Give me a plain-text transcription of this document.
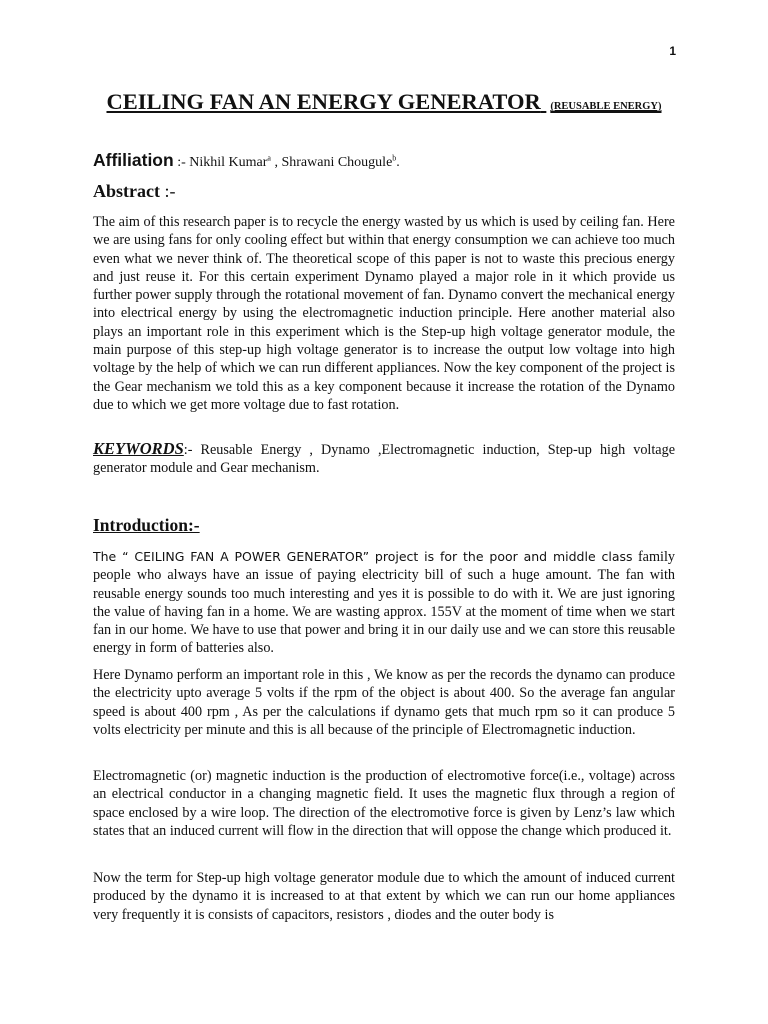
1
CEILING FAN AN ENERGY GENERATOR (REUSABLE ENERGY)
Affiliation :- Nikhil Kumar$^a$ , Shrawani Chougule$^b$.
Abstract :-

The aim of this research paper is to recycle the energy wasted by us which is used by ceiling fan. Here we are using fans for only cooling effect but within that energy consumption we can achieve too much even what we never think of. The theoretical scope of this paper is not to waste this precious energy and just reuse it. For this certain experiment Dynamo played a major role in it which provide us further power supply through the rotational movement of fan. Dynamo convert the mechanical energy into electrical energy by using the electromagnetic induction principle. Here another material also plays an important role in this experiment which is the Step-up high voltage generator module, the main purpose of this step-up high voltage generator is to increase the output low voltage into high voltage by the help of which we can run different appliances. Now the key component of the project is the Gear mechanism we told this as a key component because it increase the rotation of the Dynamo due to which we get more voltage due to fast rotation.

KEYWORDS:- Reusable Energy , Dynamo ,Electromagnetic induction, Step-up high voltage generator module and Gear mechanism.

Introduction:-

The “ CEILING FAN A POWER GENERATOR” project is for the poor and middle class family people who always have an issue of paying electricity bill of such a huge amount. The fan with reusable energy sounds too much interesting and yes it is possible to do with it. We are just ignoring the value of having fan in a home. We are wasting approx. 155V at the moment of time when we start fan in our home. We have to use that power and bring it in our daily use and we can store this reusable energy in form of batteries also.

Here Dynamo perform an important role in this , We know as per the records the dynamo can produce the electricity upto average 5 volts if the rpm of the object is about 400. So the average fan angular speed is about 400 rpm , As per the calculations if dynamo gets that much rpm so it can produce 5 volts electricity per minute and this is all because of the principle of Electromagnetic induction.

Electromagnetic (or) magnetic induction is the production of electromotive force(i.e., voltage) across an electrical conductor in a changing magnetic field. It uses the magnetic flux through a region of space enclosed by a wire loop. The direction of the electromotive force is given by Lenz’s law which states that an induced current will flow in the direction that will oppose the change which produced it.

Now the term for Step-up high voltage generator module due to which the amount of induced current produced by the dynamo it is increased to at that extent by which we can run our home appliances very frequently it is consists of capacitors, resistors , diodes and the outer body is
